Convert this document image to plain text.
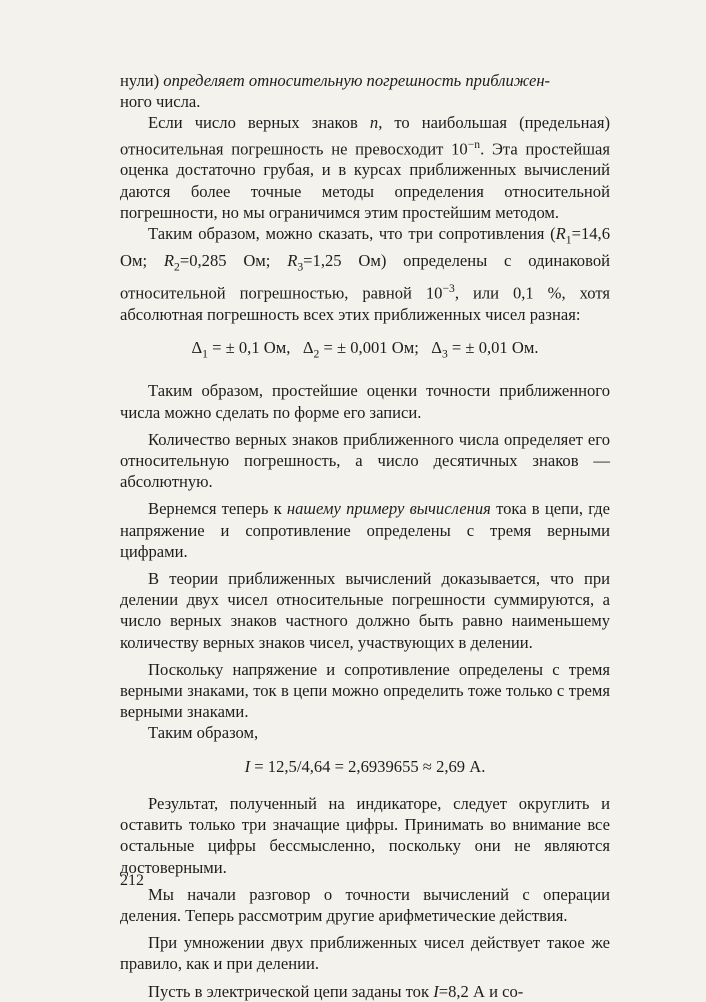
нули) определяет относительную погрешность приближен-
ного числа.

Если число верных знаков n, то наибольшая (предельная) относительная погрешность не превосходит $10^{-n}$. Эта простейшая оценка достаточно грубая, и в курсах приближенных вычислений даются более точные методы определения относительной погрешности, но мы ограничимся этим простейшим методом.

Таким образом, можно сказать, что три сопротивления ($R_1=14,6$ Ом; $R_2=0,285$ Ом; $R_3=1,25$ Ом) определены с одинаковой относительной погрешностью, равной $10^{-3}$, или 0,1 %, хотя абсолютная погрешность всех этих приближенных чисел разная:

$\Delta_1$ = ± 0,1 Ом, $\Delta_2$ = ± 0,001 Ом; $\Delta_3$ = ± 0,01 Ом.

Таким образом, простейшие оценки точности приближенного числа можно сделать по форме его записи.

Количество верных знаков приближенного числа определяет его относительную погрешность, а число десятичных знаков — абсолютную.

Вернемся теперь к нашему примеру вычисления тока в цепи, где напряжение и сопротивление определены с тремя верными цифрами.

В теории приближенных вычислений доказывается, что при делении двух чисел относительные погрешности суммируются, а число верных знаков частного должно быть равно наименьшему количеству верных знаков чисел, участвующих в делении.

Поскольку напряжение и сопротивление определены с тремя верными знаками, ток в цепи можно определить тоже только с тремя верными знаками.

Таким образом,

I = 12,5/4,64 = 2,6939655 ≈ 2,69 А.

Результат, полученный на индикаторе, следует округлить и оставить только три значащие цифры. Принимать во внимание все остальные цифры бессмысленно, поскольку они не являются достоверными.

Мы начали разговор о точности вычислений с операции деления. Теперь рассмотрим другие арифметические действия.

При умножении двух приближенных чисел действует такое же правило, как и при делении.

Пусть в электрической цепи заданы ток I=8,2 А и со-

212
